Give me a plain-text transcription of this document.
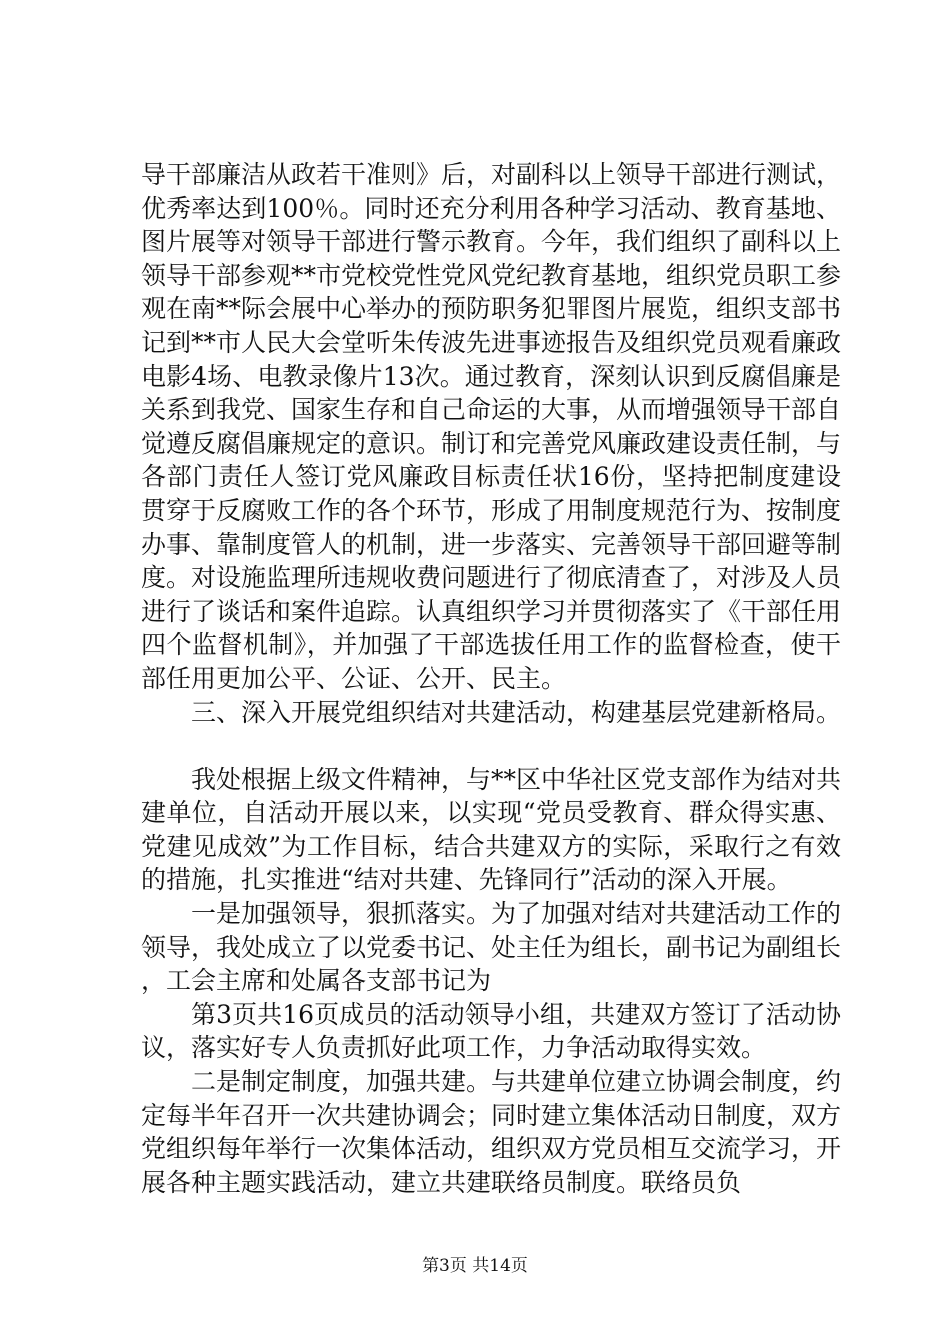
导干部廉洁从政若干准则》后，对副科以上领导干部进行测试，优秀率达到100％。同时还充分利用各种学习活动、教育基地、图片展等对领导干部进行警示教育。今年，我们组织了副科以上领导干部参观**市党校党性党风党纪教育基地，组织党员职工参观在南**际会展中心举办的预防职务犯罪图片展览，组织支部书记到**市人民大会堂听朱传波先进事迹报告及组织党员观看廉政电影4场、电教录像片13次。通过教育，深刻认识到反腐倡廉是关系到我党、国家生存和自己命运的大事，从而增强领导干部自觉遵反腐倡廉规定的意识。制订和完善党风廉政建设责任制，与各部门责任人签订党风廉政目标责任状16份，坚持把制度建设贯穿于反腐败工作的各个环节，形成了用制度规范行为、按制度办事、靠制度管人的机制，进一步落实、完善领导干部回避等制度。对设施监理所违规收费问题进行了彻底清查了，对涉及人员进行了谈话和案件追踪。认真组织学习并贯彻落实了《干部任用四个监督机制》，并加强了干部选拔任用工作的监督检查，使干部任用更加公平、公证、公开、民主。

三、深入开展党组织结对共建活动，构建基层党建新格局。

我处根据上级文件精神，与**区中华社区党支部作为结对共建单位，自活动开展以来，以实现“党员受教育、群众得实惠、党建见成效”为工作目标，结合共建双方的实际，采取行之有效的措施，扎实推进“结对共建、先锋同行”活动的深入开展。

一是加强领导，狠抓落实。为了加强对结对共建活动工作的领导，我处成立了以党委书记、处主任为组长，副书记为副组长，工会主席和处属各支部书记为

第3页共16页成员的活动领导小组，共建双方签订了活动协议，落实好专人负责抓好此项工作，力争活动取得实效。

二是制定制度，加强共建。与共建单位建立协调会制度，约定每半年召开一次共建协调会；同时建立集体活动日制度，双方党组织每年举行一次集体活动，组织双方党员相互交流学习，开展各种主题实践活动，建立共建联络员制度。联络员负

第3页 共14页
